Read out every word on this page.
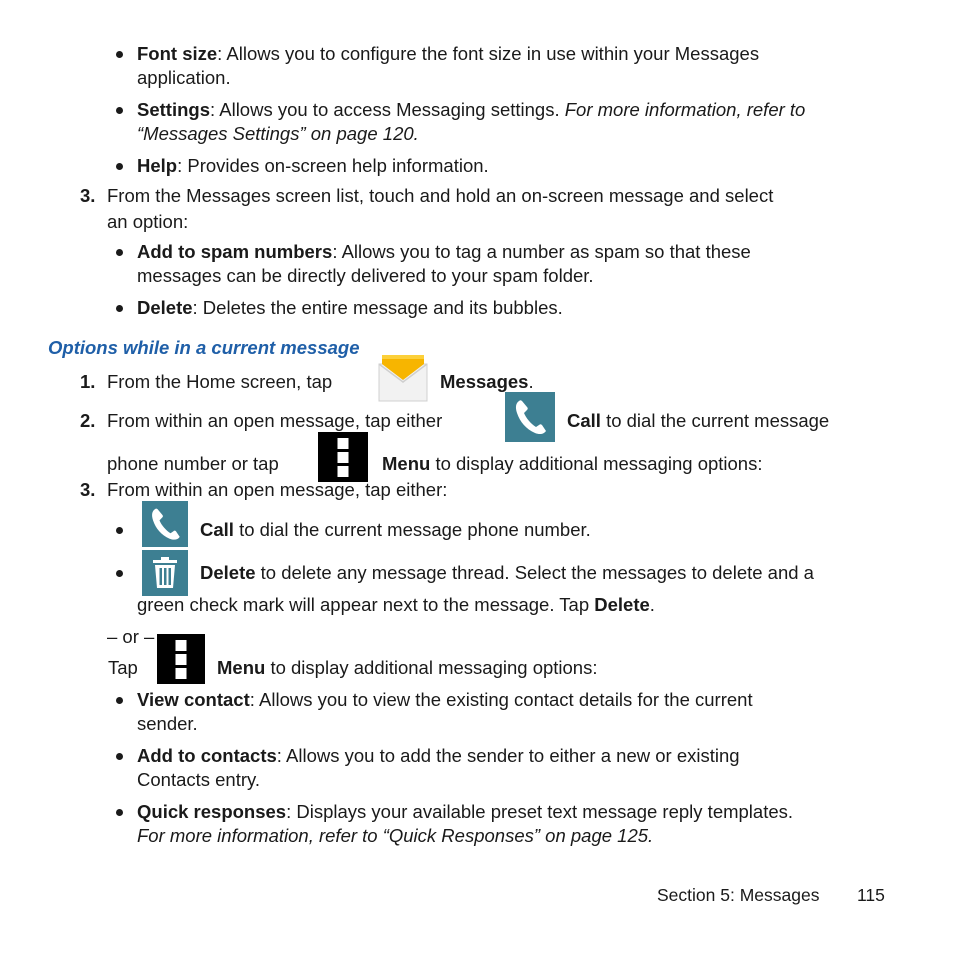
Font size: Allows you to configure the font size in use within your Messages
application.
Settings: Allows you to access Messaging settings. For more information, refer to
“Messages Settings” on page 120.
Help: Provides on-screen help information.
3. From the Messages screen list, touch and hold an on-screen message and select
an option:
Add to spam numbers: Allows you to tag a number as spam so that these
messages can be directly delivered to your spam folder.
Delete: Deletes the entire message and its bubbles.
Options while in a current message
1. From the Home screen, tap	Messages.
2. From within an open message, tap either	Call to dial the current message
phone number or tap	Menu to display additional messaging options:
3. From within an open message, tap either:
Call to dial the current message phone number.
Delete to delete any message thread. Select the messages to delete and a
green check mark will appear next to the message. Tap Delete.
– or –
Tap	Menu to display additional messaging options:
View contact: Allows you to view the existing contact details for the current
sender.
Add to contacts: Allows you to add the sender to either a new or existing
Contacts entry.
Quick responses: Displays your available preset text message reply templates.
For more information, refer to “Quick Responses” on page 125.
Section 5: Messages 115
